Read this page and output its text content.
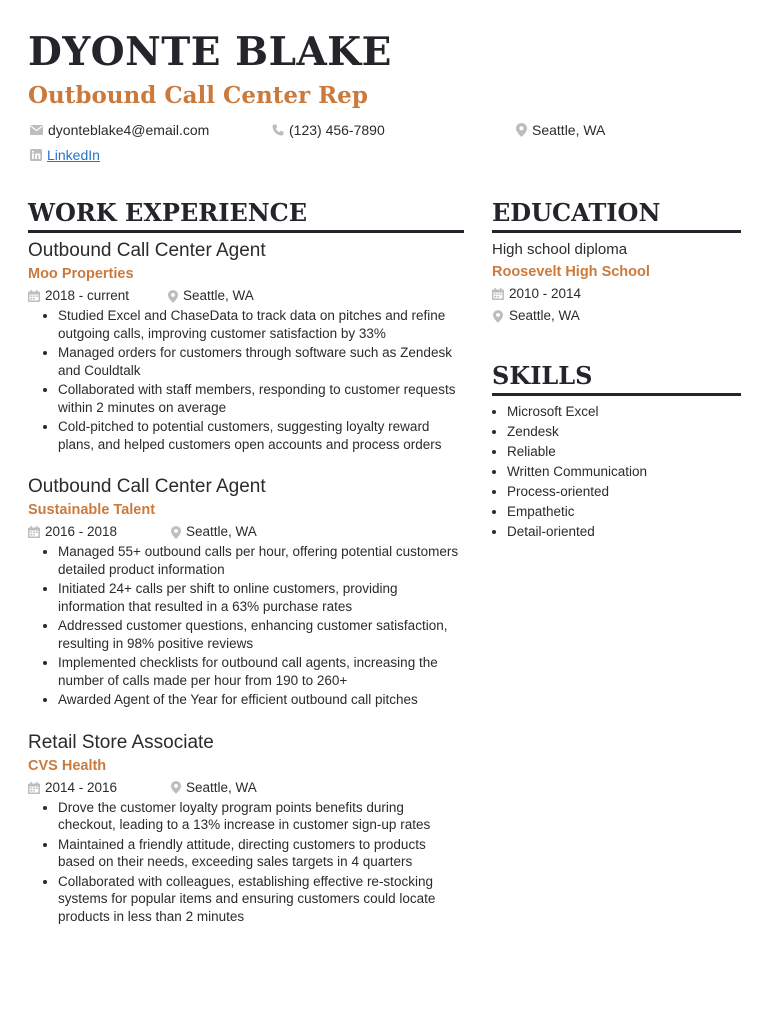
DYONTE BLAKE
Outbound Call Center Rep
dyonteblake4@email.com	(123) 456-7890	Seattle, WA
LinkedIn
WORK EXPERIENCE

Outbound Call Center Agent

Moo Properties

2018 - current	Seattle, WA
• Studied Excel and ChaseData to track data on pitches and refine outgoing calls, improving customer satisfaction by 33%
• Managed orders for customers through software such as Zendesk and Couldtalk
• Collaborated with staff members, responding to customer requests within 2 minutes on average
• Cold-pitched to potential customers, suggesting loyalty reward plans, and helped customers open accounts and process orders

Outbound Call Center Agent

Sustainable Talent

2016 - 2018	Seattle, WA
• Managed 55+ outbound calls per hour, offering potential customers detailed product information
• Initiated 24+ calls per shift to online customers, providing information that resulted in a 63% purchase rates
• Addressed customer questions, enhancing customer satisfaction, resulting in 98% positive reviews
• Implemented checklists for outbound call agents, increasing the number of calls made per hour from 190 to 260+
• Awarded Agent of the Year for efficient outbound call pitches

Retail Store Associate

CVS Health

2014 - 2016	Seattle, WA
• Drove the customer loyalty program points benefits during checkout, leading to a 13% increase in customer sign-up rates
• Maintained a friendly attitude, directing customers to products based on their needs, exceeding sales targets in 4 quarters
• Collaborated with colleagues, establishing effective re-stocking systems for popular items and ensuring customers could locate products in less than 2 minutes
EDUCATION

High school diploma

Roosevelt High School

2010 - 2014
Seattle, WA
SKILLS
• Microsoft Excel
• Zendesk
• Reliable
• Written Communication
• Process-oriented
• Empathetic
• Detail-oriented
